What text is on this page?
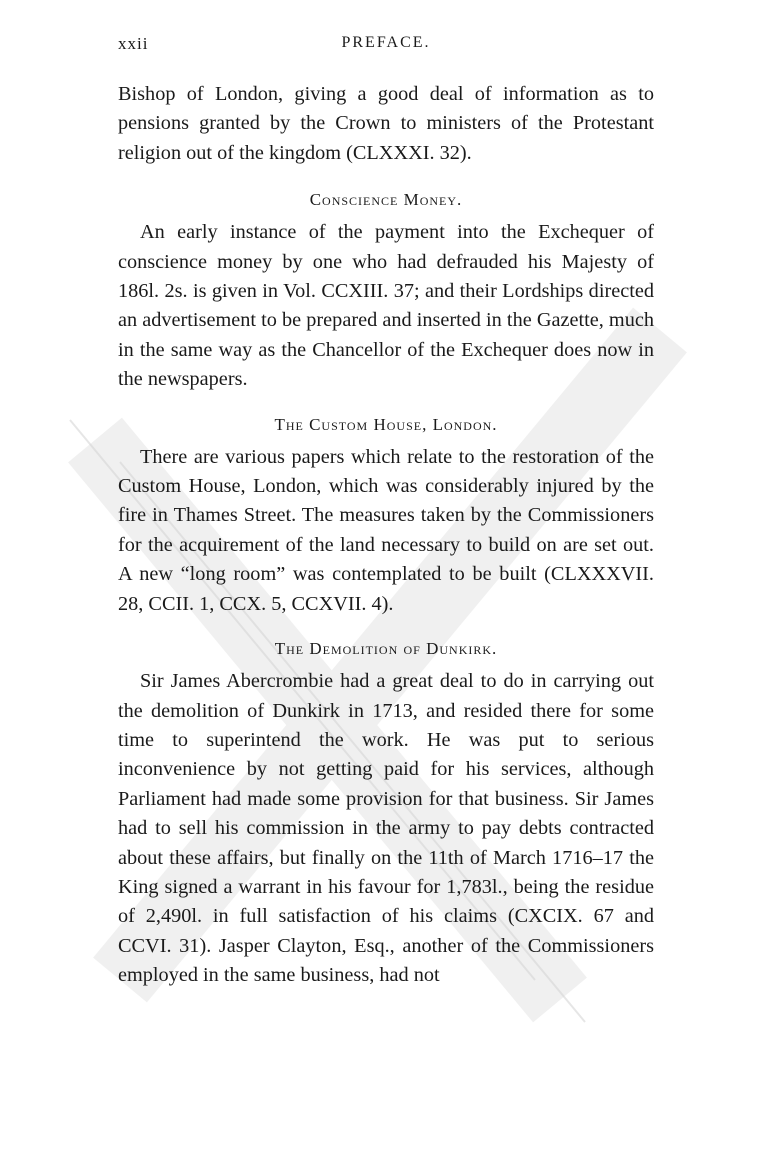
xxii	PREFACE.

Bishop of London, giving a good deal of information as to pensions granted by the Crown to ministers of the Protestant religion out of the kingdom (CLXXXI. 32).

Conscience Money.

An early instance of the payment into the Exchequer of conscience money by one who had defrauded his Majesty of 186l. 2s. is given in Vol. CCXIII. 37; and their Lordships directed an advertisement to be prepared and inserted in the Gazette, much in the same way as the Chancellor of the Exchequer does now in the newspapers.

The Custom House, London.

There are various papers which relate to the restoration of the Custom House, London, which was considerably injured by the fire in Thames Street. The measures taken by the Commissioners for the acquirement of the land necessary to build on are set out. A new “long room” was contemplated to be built (CLXXXVII. 28, CCII. 1, CCX. 5, CCXVII. 4).

The Demolition of Dunkirk.

Sir James Abercrombie had a great deal to do in carrying out the demolition of Dunkirk in 1713, and resided there for some time to superintend the work. He was put to serious inconvenience by not getting paid for his services, although Parliament had made some provision for that business. Sir James had to sell his commission in the army to pay debts contracted about these affairs, but finally on the 11th of March 1716–17 the King signed a warrant in his favour for 1,783l., being the residue of 2,490l. in full satisfaction of his claims (CXCIX. 67 and CCVI. 31). Jasper Clayton, Esq., another of the Commissioners employed in the same business, had not
